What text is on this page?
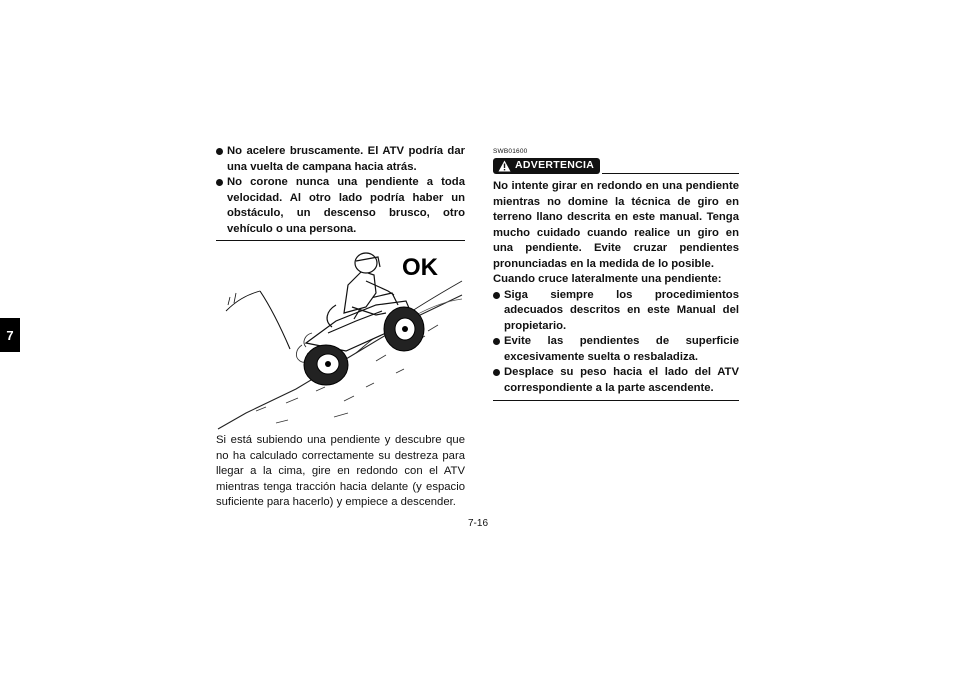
7
No acelere bruscamente. El ATV podría dar una vuelta de campana hacia atrás.
No corone nunca una pendiente a toda velocidad. Al otro lado podría haber un obstáculo, un descenso brusco, otro vehículo o una persona.
OK

Si está subiendo una pendiente y descubre que no ha calculado correctamente su destreza para llegar a la cima, gire en redondo con el ATV mientras tenga tracción hacia delante (y espacio suficiente para hacerlo) y empiece a descender.

SWB01600
ADVERTENCIA

No intente girar en redondo en una pendiente mientras no domine la técnica de giro en terreno llano descrita en este manual. Tenga mucho cuidado cuando realice un giro en una pendiente. Evite cruzar pendientes pronunciadas en la medida de lo posible.

Cuando cruce lateralmente una pendiente:

Siga siempre los procedimientos adecuados descritos en este Manual del propietario.
Evite las pendientes de superficie excesivamente suelta o resbaladiza.
Desplace su peso hacia el lado del ATV correspondiente a la parte ascendente.
7-16
